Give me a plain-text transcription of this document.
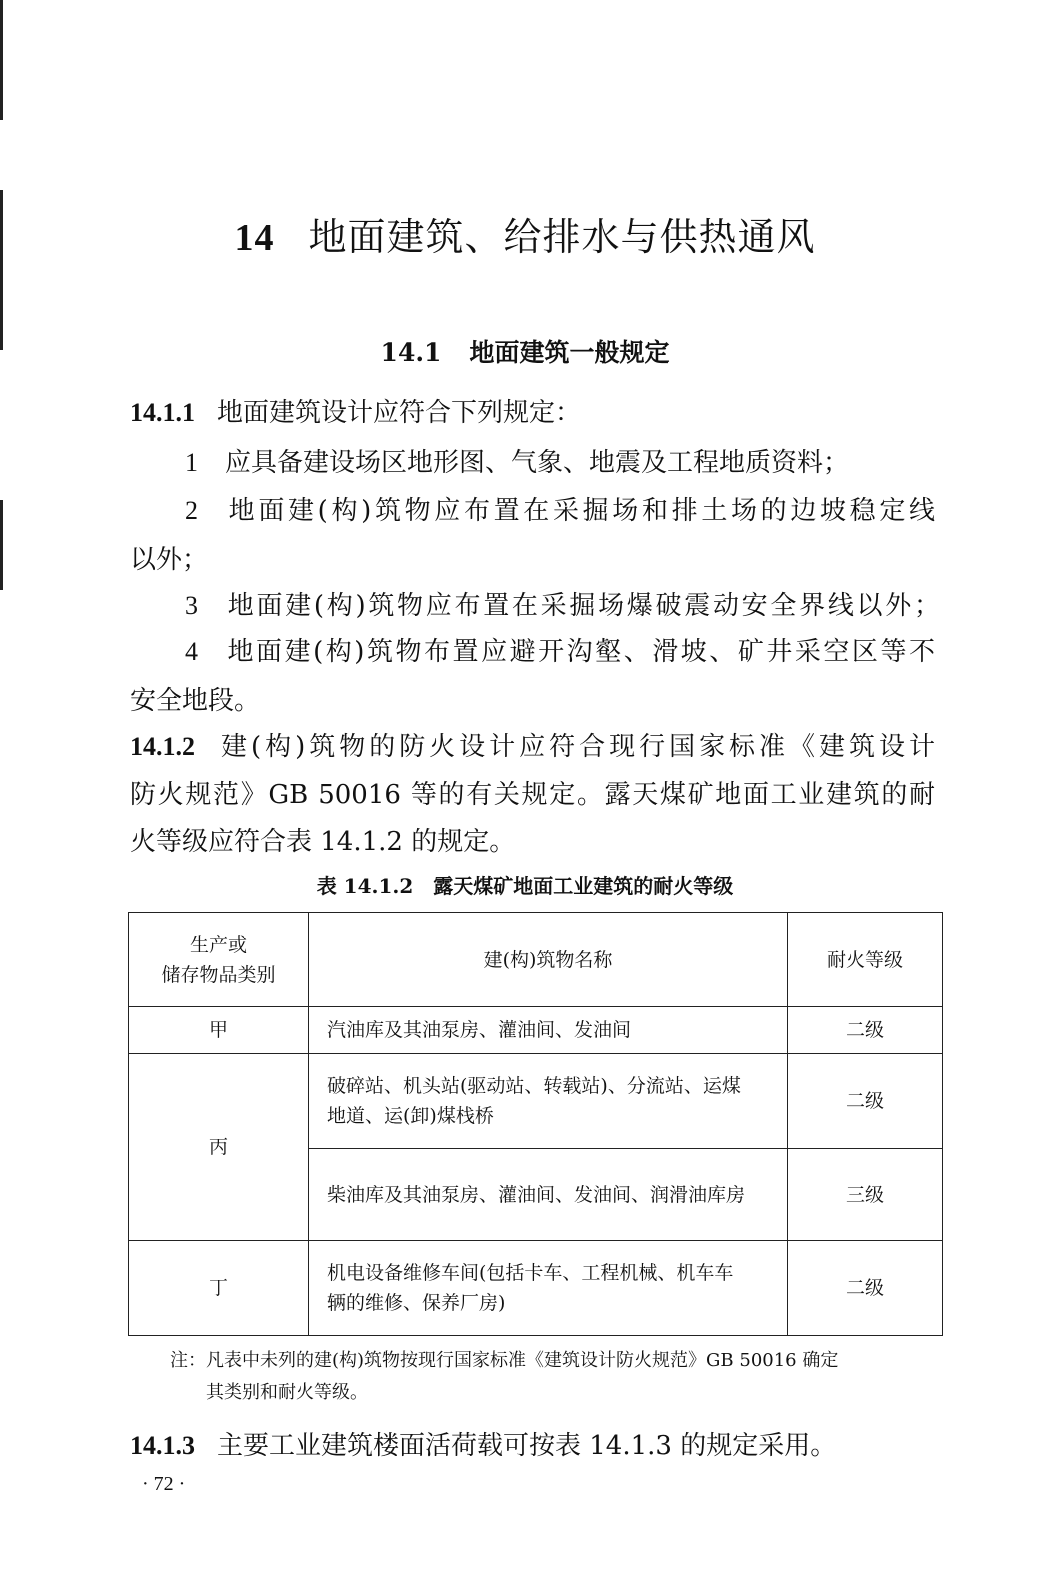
14 地面建筑、给排水与供热通风
14.1 地面建筑一般规定
14.1.1 地面建筑设计应符合下列规定：
1 应具备建设场区地形图、气象、地震及工程地质资料；
2 地面建(构)筑物应布置在采掘场和排土场的边坡稳定线
以外；
3 地面建(构)筑物应布置在采掘场爆破震动安全界线以外；
4 地面建(构)筑物布置应避开沟壑、滑坡、矿井采空区等不
安全地段。
14.1.2 建(构)筑物的防火设计应符合现行国家标准《建筑设计
防火规范》GB 50016 等的有关规定。露天煤矿地面工业建筑的耐
火等级应符合表 14.1.2 的规定。
表 14.1.2 露天煤矿地面工业建筑的耐火等级
生产或
储存物品类别	建(构)筑物名称	耐火等级
甲	汽油库及其油泵房、灌油间、发油间	二级
丙	破碎站、机头站(驱动站、转载站)、分流站、运煤
地道、运(卸)煤栈桥	二级
	柴油库及其油泵房、灌油间、发油间、润滑油库房	三级
丁	机电设备维修车间(包括卡车、工程机械、机车车
辆的维修、保养厂房)	二级
注：凡表中未列的建(构)筑物按现行国家标准《建筑设计防火规范》GB 50016 确定
其类别和耐火等级。
14.1.3 主要工业建筑楼面活荷载可按表 14.1.3 的规定采用。
· 72 ·
